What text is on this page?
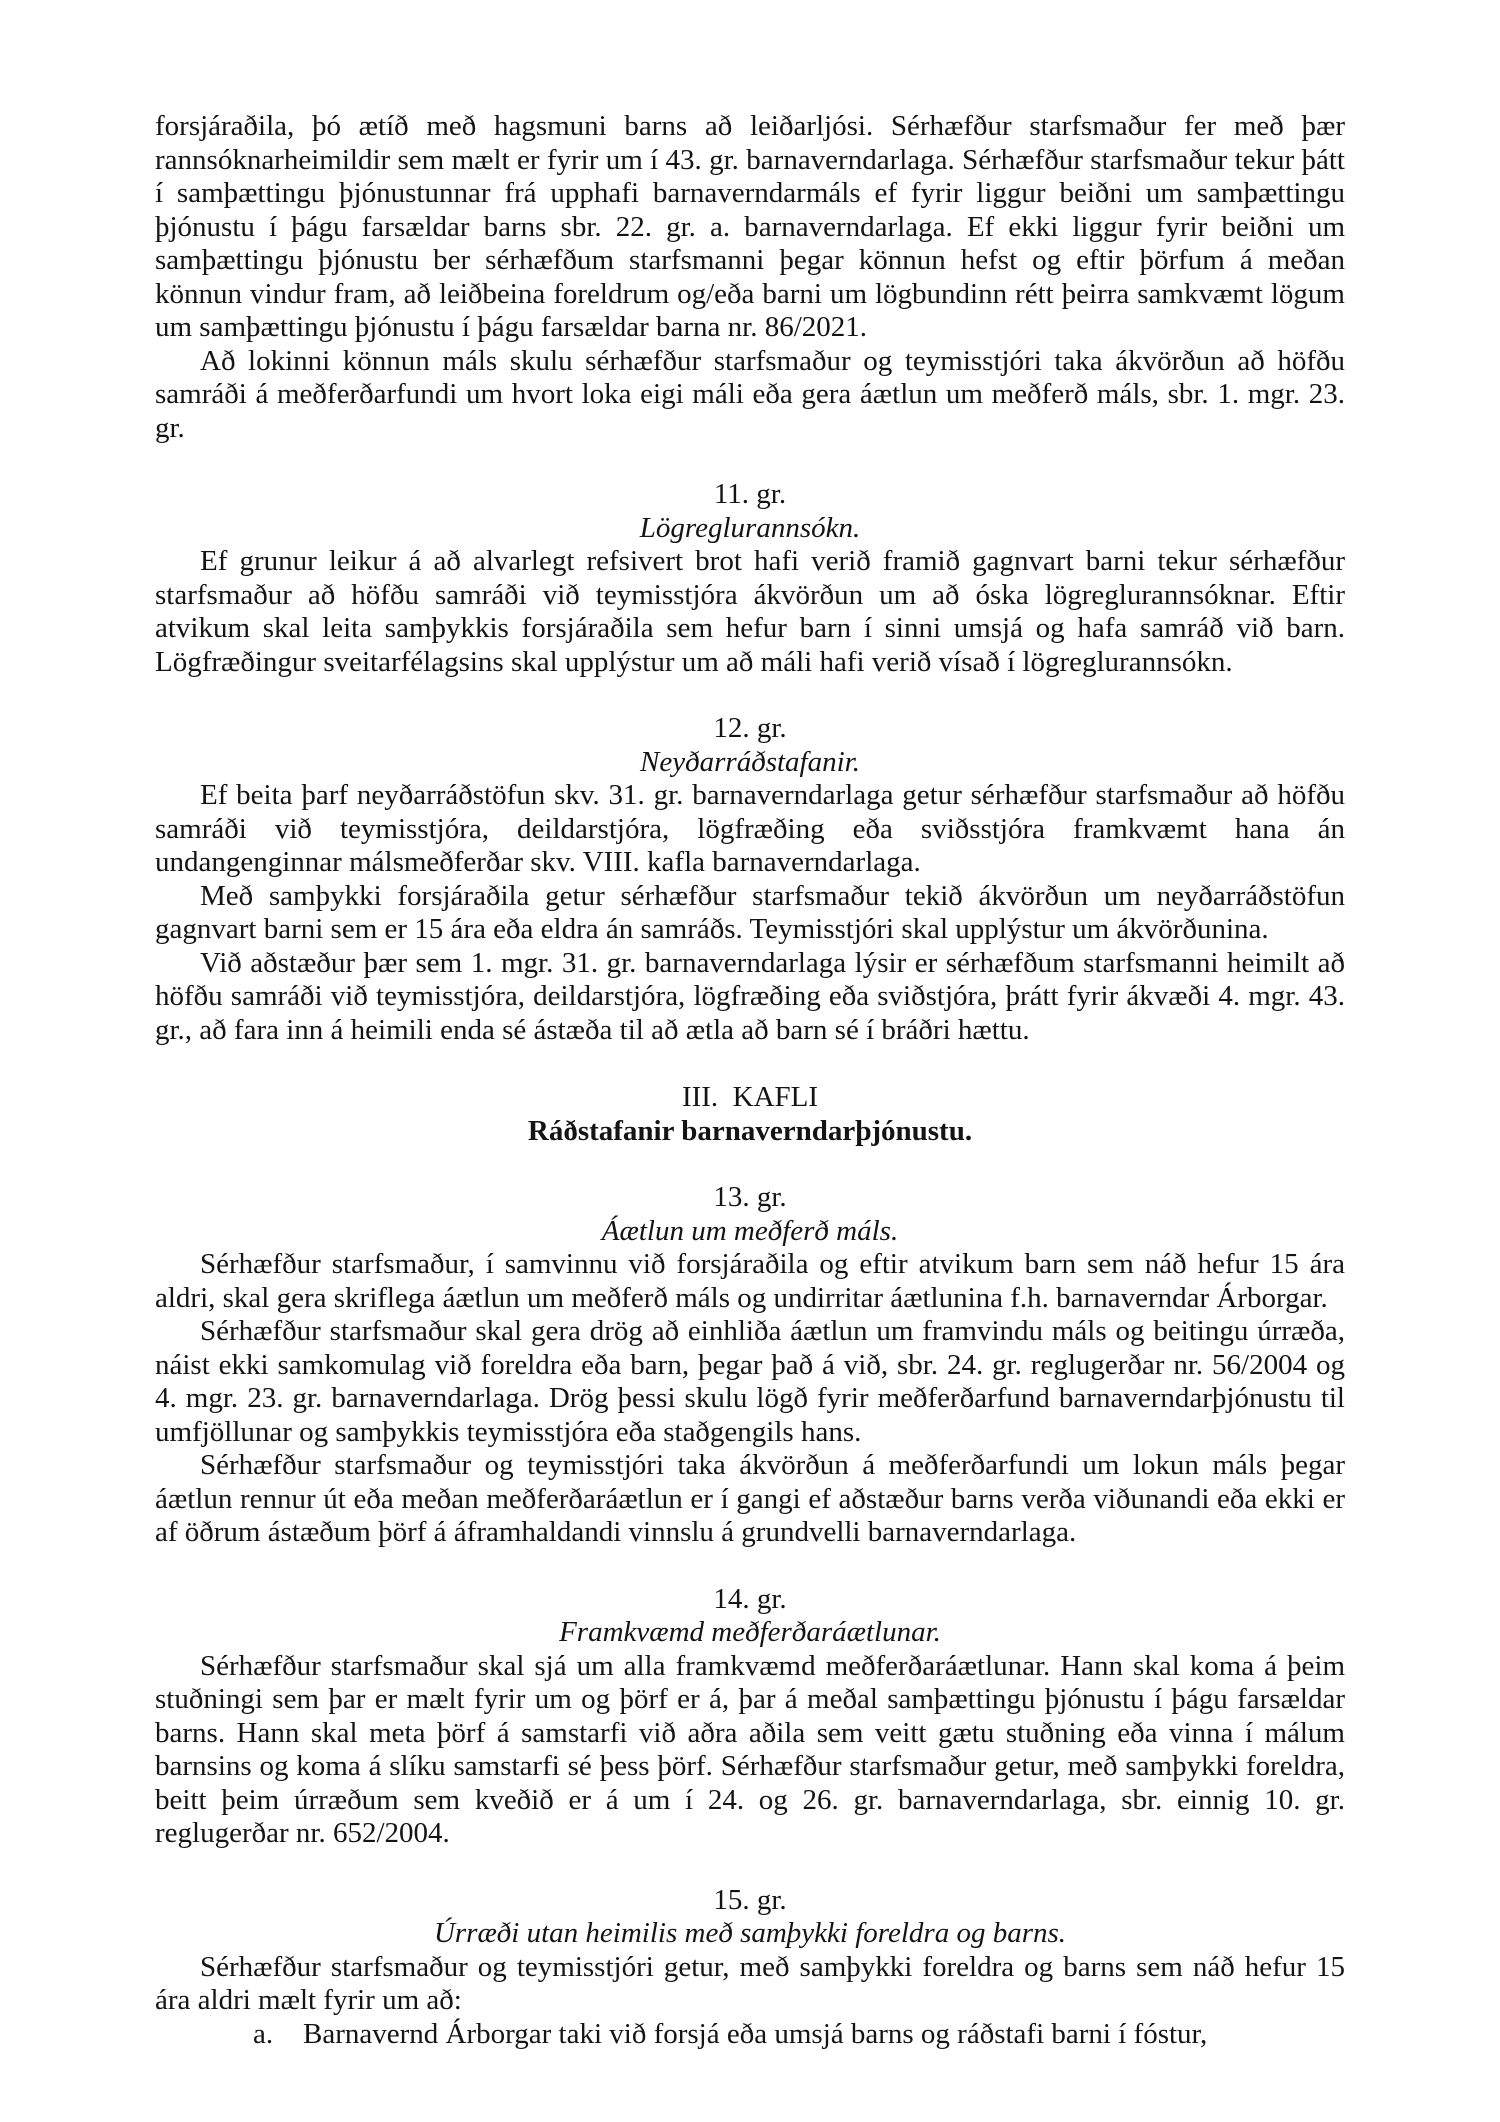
forsjáraðila, þó ætíð með hagsmuni barns að leiðarljósi. Sérhæfður starfsmaður fer með þær rannsóknarheimildir sem mælt er fyrir um í 43. gr. barnaverndarlaga. Sérhæfður starfsmaður tekur þátt í samþættingu þjónustunnar frá upphafi barnaverndarmáls ef fyrir liggur beiðni um samþættingu þjónustu í þágu farsældar barns sbr. 22. gr. a. barnaverndarlaga. Ef ekki liggur fyrir beiðni um samþættingu þjónustu ber sérhæfðum starfsmanni þegar könnun hefst og eftir þörfum á meðan könnun vindur fram, að leiðbeina foreldrum og/eða barni um lögbundinn rétt þeirra samkvæmt lögum um samþættingu þjónustu í þágu farsældar barna nr. 86/2021.

Að lokinni könnun máls skulu sérhæfður starfsmaður og teymisstjóri taka ákvörðun að höfðu samráði á meðferðarfundi um hvort loka eigi máli eða gera áætlun um meðferð máls, sbr. 1. mgr. 23. gr.

11. gr.

Lögreglurannsókn.

Ef grunur leikur á að alvarlegt refsivert brot hafi verið framið gagnvart barni tekur sérhæfður starfsmaður að höfðu samráði við teymisstjóra ákvörðun um að óska lögreglurannsóknar. Eftir atvikum skal leita samþykkis forsjáraðila sem hefur barn í sinni umsjá og hafa samráð við barn. Lögfræðingur sveitarfélagsins skal upplýstur um að máli hafi verið vísað í lögreglurannsókn.

12. gr.

Neyðarráðstafanir.

Ef beita þarf neyðarráðstöfun skv. 31. gr. barnaverndarlaga getur sérhæfður starfsmaður að höfðu samráði við teymisstjóra, deildarstjóra, lögfræðing eða sviðsstjóra framkvæmt hana án undangenginnar málsmeðferðar skv. VIII. kafla barnaverndarlaga.

Með samþykki forsjáraðila getur sérhæfður starfsmaður tekið ákvörðun um neyðarráðstöfun gagnvart barni sem er 15 ára eða eldra án samráðs. Teymisstjóri skal upplýstur um ákvörðunina.

Við aðstæður þær sem 1. mgr. 31. gr. barnaverndarlaga lýsir er sérhæfðum starfsmanni heimilt að höfðu samráði við teymisstjóra, deildarstjóra, lögfræðing eða sviðstjóra, þrátt fyrir ákvæði 4. mgr. 43. gr., að fara inn á heimili enda sé ástæða til að ætla að barn sé í bráðri hættu.

III.  KAFLI

Ráðstafanir barnaverndarþjónustu.

13. gr.

Áætlun um meðferð máls.

Sérhæfður starfsmaður, í samvinnu við forsjáraðila og eftir atvikum barn sem náð hefur 15 ára aldri, skal gera skriflega áætlun um meðferð máls og undirritar áætlunina f.h. barnaverndar Árborgar.

Sérhæfður starfsmaður skal gera drög að einhliða áætlun um framvindu máls og beitingu úrræða, náist ekki samkomulag við foreldra eða barn, þegar það á við, sbr. 24. gr. reglugerðar nr. 56/2004 og 4. mgr. 23. gr. barnaverndarlaga. Drög þessi skulu lögð fyrir meðferðarfund barnaverndarþjónustu til umfjöllunar og samþykkis teymisstjóra eða staðgengils hans.

Sérhæfður starfsmaður og teymisstjóri taka ákvörðun á meðferðarfundi um lokun máls þegar áætlun rennur út eða meðan meðferðaráætlun er í gangi ef aðstæður barns verða viðunandi eða ekki er af öðrum ástæðum þörf á áframhaldandi vinnslu á grundvelli barnaverndarlaga.

14. gr.

Framkvæmd meðferðaráætlunar.

Sérhæfður starfsmaður skal sjá um alla framkvæmd meðferðaráætlunar. Hann skal koma á þeim stuðningi sem þar er mælt fyrir um og þörf er á, þar á meðal samþættingu þjónustu í þágu farsældar barns. Hann skal meta þörf á samstarfi við aðra aðila sem veitt gætu stuðning eða vinna í málum barnsins og koma á slíku samstarfi sé þess þörf. Sérhæfður starfsmaður getur, með samþykki foreldra, beitt þeim úrræðum sem kveðið er á um í 24. og 26. gr. barnaverndarlaga, sbr. einnig 10. gr. reglugerðar nr. 652/2004.

15. gr.

Úrræði utan heimilis með samþykki foreldra og barns.

Sérhæfður starfsmaður og teymisstjóri getur, með samþykki foreldra og barns sem náð hefur 15 ára aldri mælt fyrir um að:

a. Barnavernd Árborgar taki við forsjá eða umsjá barns og ráðstafi barni í fóstur,
